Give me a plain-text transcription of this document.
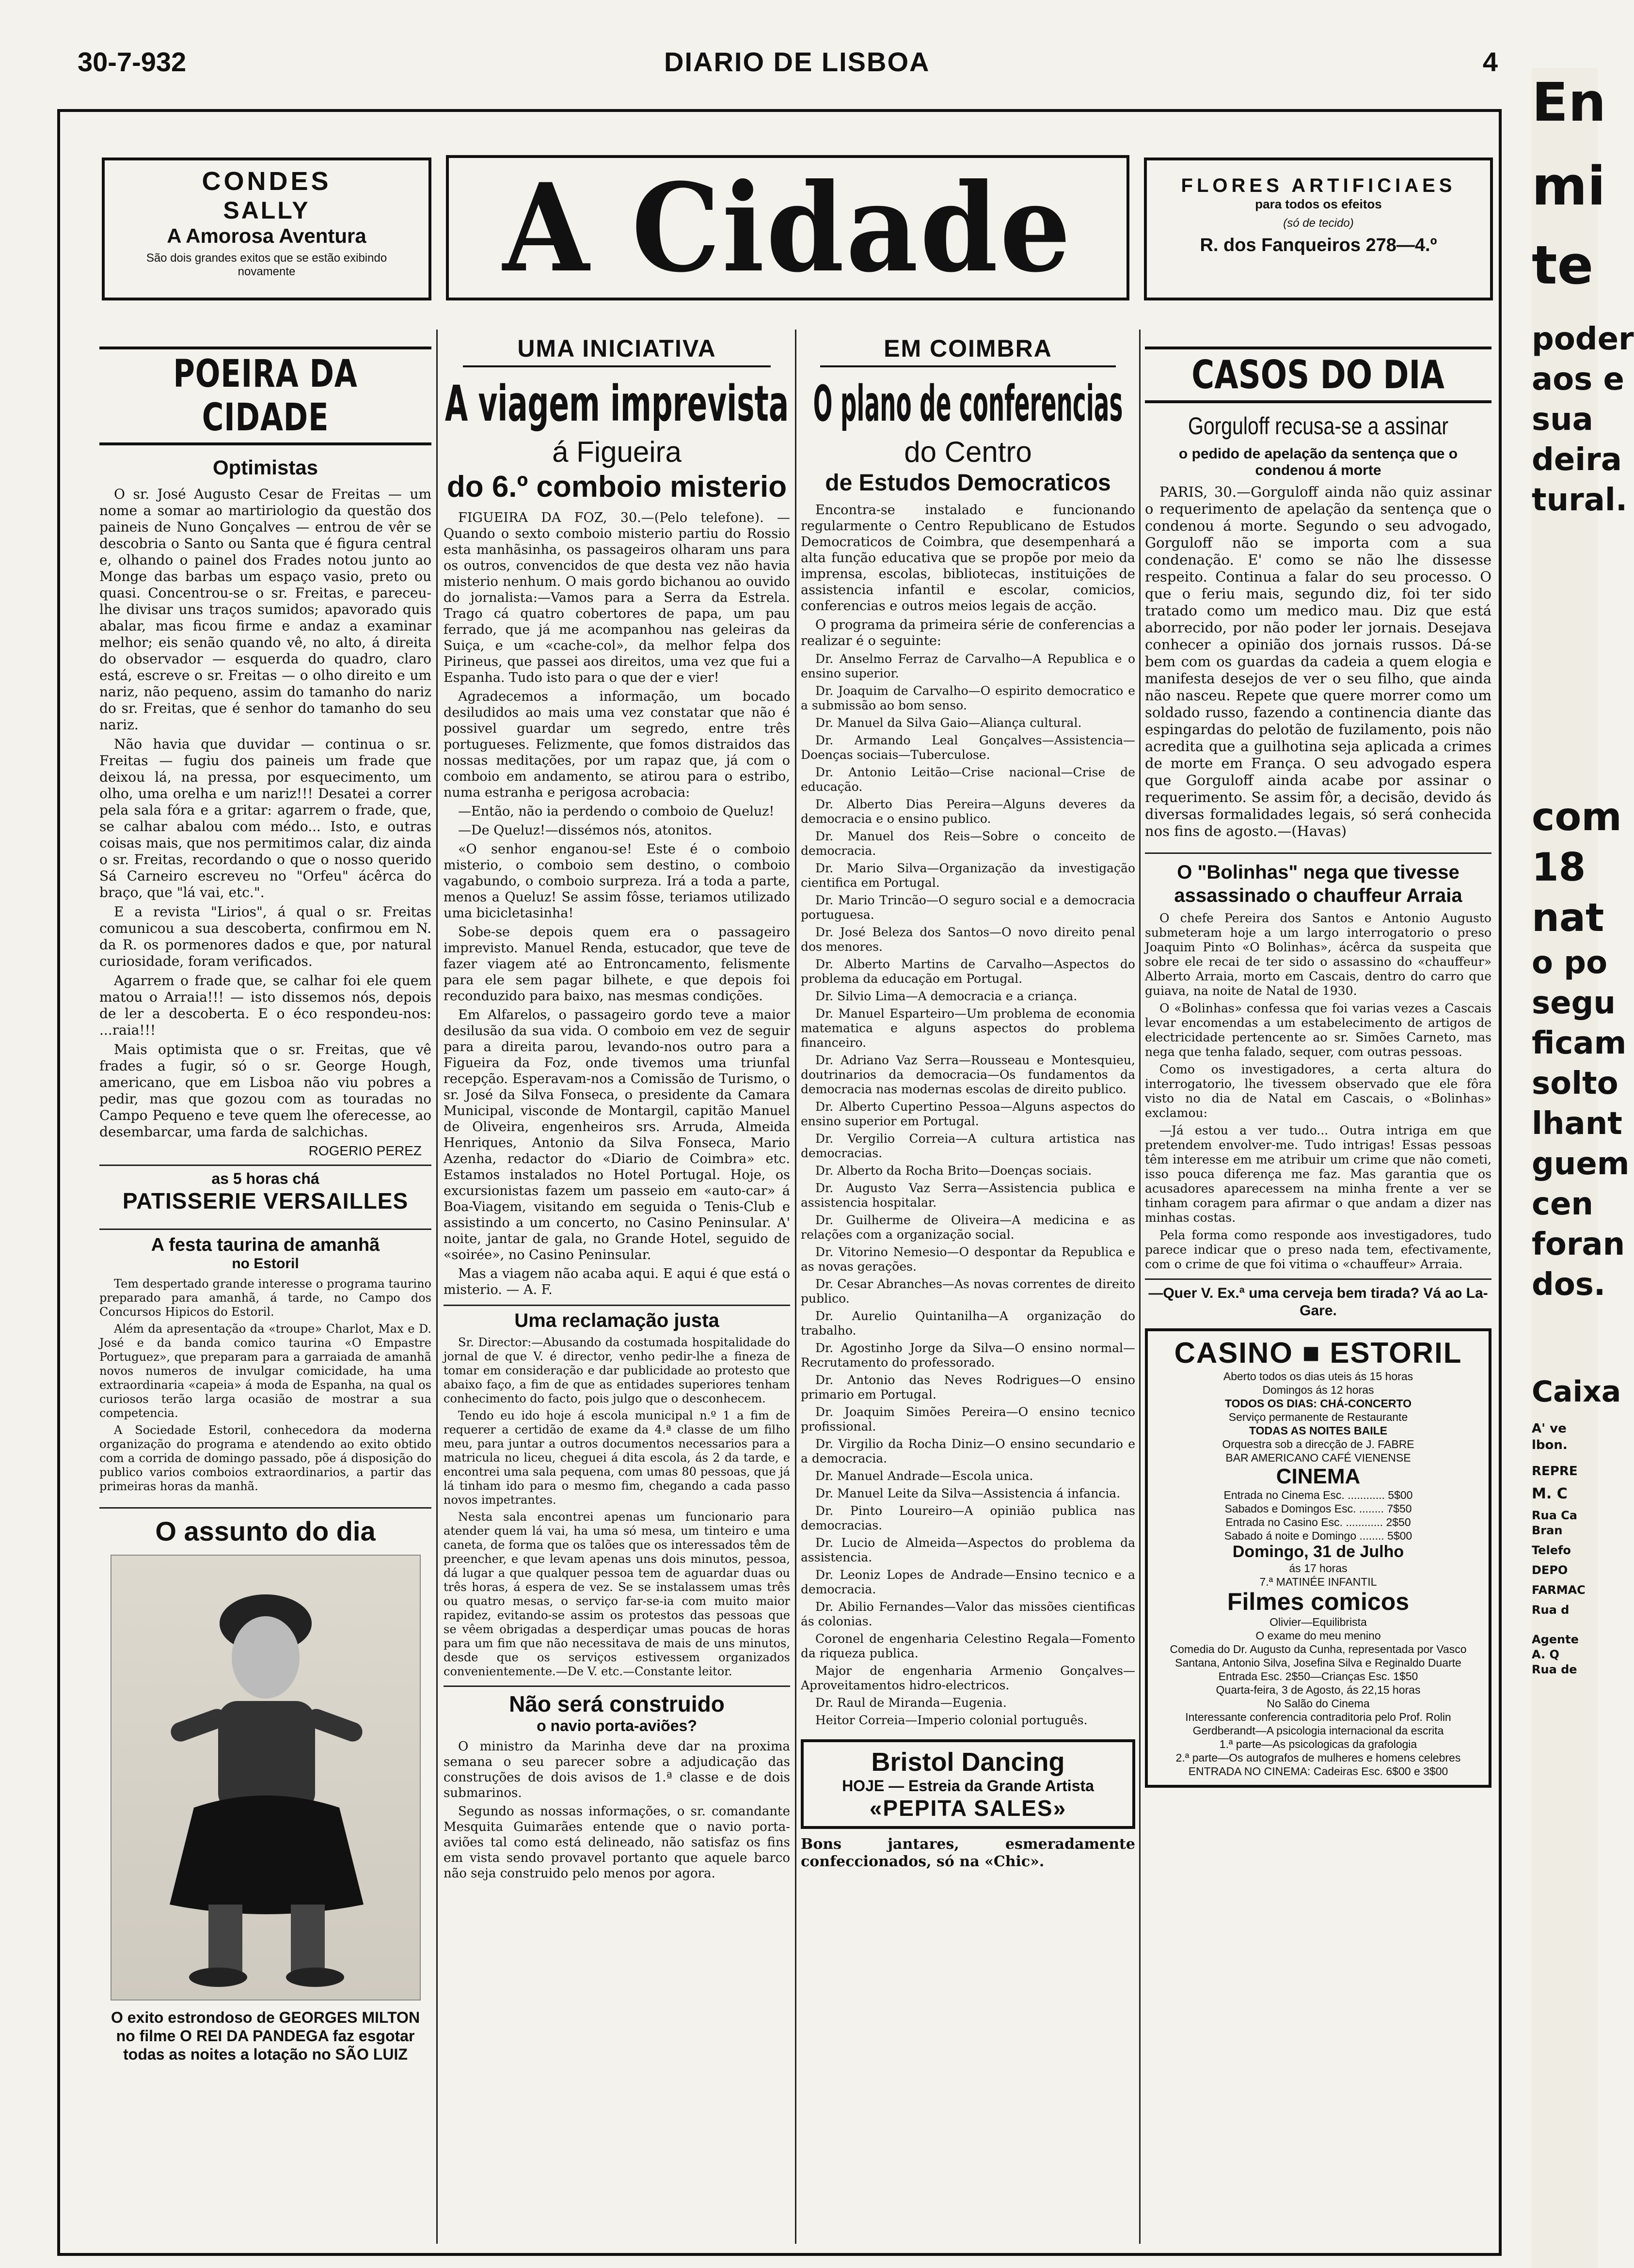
30-7-932	DIARIO DE LISBOA	4
En
mi
te
poder
aos e
sua
deira
tural.
com
18
nat
o po
segu
ficam
solto
lhant
guem
cen
foran
dos.
Caixa
A' ve
lbon.
REPRE
M. C
Rua Ca
Bran
Telefo
DEPO
FARMAC
Rua d
Agente
A. Q
Rua de
CONDES
SALLY
A Amorosa Aventura
São dois grandes exitos que se estão exibindo novamente	A Cidade	FLORES ARTIFICIAES
para todos os efeitos
(só de tecido)
R. dos Fanqueiros 278—4.º
POEIRA DA CIDADE
Optimistas

O sr. José Augusto Cesar de Freitas — um nome a somar ao martiriologio da questão dos paineis de Nuno Gonçalves — entrou de vêr se descobria o Santo ou Santa que é figura central e, olhando o painel dos Frades notou junto ao Monge das barbas um espaço vasio, preto ou quasi. Concentrou-se o sr. Freitas, e pareceu-lhe divisar uns traços sumidos; apavorado quis abalar, mas ficou firme e andaz a examinar melhor; eis senão quando vê, no alto, á direita do observador — esquerda do quadro, claro está, escreve o sr. Freitas — o olho direito e um nariz, não pequeno, assim do tamanho do nariz do sr. Freitas, que é senhor do tamanho do seu nariz.

Não havia que duvidar — continua o sr. Freitas — fugiu dos paineis um frade que deixou lá, na pressa, por esquecimento, um olho, uma orelha e um nariz!!! Desatei a correr pela sala fóra e a gritar: agarrem o frade, que, se calhar abalou com médo... Isto, e outras coisas mais, que nos permitimos calar, diz ainda o sr. Freitas, recordando o que o nosso querido Sá Carneiro escreveu no "Orfeu" ácêrca do braço, que "lá vai, etc.".

E a revista "Lirios", á qual o sr. Freitas comunicou a sua descoberta, confirmou em N. da R. os pormenores dados e que, por natural curiosidade, foram verificados.

Agarrem o frade que, se calhar foi ele quem matou o Arraia!!! — isto dissemos nós, depois de ler a descoberta. E o éco respondeu-nos: ...raia!!!

Mais optimista que o sr. Freitas, que vê frades a fugir, só o sr. George Hough, americano, que em Lisboa não viu pobres a pedir, mas que gozou com as touradas no Campo Pequeno e teve quem lhe oferecesse, ao desembarcar, uma farda de salchichas.

ROGERIO PEREZ
as 5 horas chá
PATISSERIE VERSAILLES
A festa taurina de amanhã
no Estoril

Tem despertado grande interesse o programa taurino preparado para amanhã, á tarde, no Campo dos Concursos Hipicos do Estoril.

Além da apresentação da «troupe» Charlot, Max e D. José e da banda comico taurina «O Empastre Portuguez», que preparam para a garraiada de amanhã novos numeros de invulgar comicidade, ha uma extraordinaria «capeia» á moda de Espanha, na qual os curiosos terão larga ocasião de mostrar a sua competencia.

A Sociedade Estoril, conhecedora da moderna organização do programa e atendendo ao exito obtido com a corrida de domingo passado, põe á disposição do publico varios comboios extraordinarios, a partir das primeiras horas da manhã.

O assunto do dia
O exito estrondoso de GEORGES MILTON no filme O REI DA PANDEGA faz esgotar todas as noites a lotação no SÃO LUIZ
UMA INICIATIVA
A viagem imprevista
á Figueira
do 6.º comboio misterio

FIGUEIRA DA FOZ, 30.—(Pelo telefone). —Quando o sexto comboio misterio partiu do Rossio esta manhãsinha, os passageiros olharam uns para os outros, convencidos de que desta vez não havia misterio nenhum. O mais gordo bichanou ao ouvido do jornalista:—Vamos para a Serra da Estrela. Trago cá quatro cobertores de papa, um pau ferrado, que já me acompanhou nas geleiras da Suiça, e um «cache-col», da melhor felpa dos Pirineus, que passei aos direitos, uma vez que fui a Espanha. Tudo isto para o que der e vier!

Agradecemos a informação, um bocado desiludidos ao mais uma vez constatar que não é possivel guardar um segredo, entre três portugueses. Felizmente, que fomos distraidos das nossas meditações, por um rapaz que, já com o comboio em andamento, se atirou para o estribo, numa estranha e perigosa acrobacia:

—Então, não ia perdendo o comboio de Queluz!

—De Queluz!—dissémos nós, atonitos.

«O senhor enganou-se! Este é o comboio misterio, o comboio sem destino, o comboio vagabundo, o comboio surpreza. Irá a toda a parte, menos a Queluz! Se assim fôsse, teriamos utilizado uma bicicletasinha!

Sobe-se depois quem era o passageiro imprevisto. Manuel Renda, estucador, que teve de fazer viagem até ao Entroncamento, felismente para ele sem pagar bilhete, e que depois foi reconduzido para baixo, nas mesmas condições.

Em Alfarelos, o passageiro gordo teve a maior desilusão da sua vida. O comboio em vez de seguir para a direita parou, levando-nos outro para a Figueira da Foz, onde tivemos uma triunfal recepção. Esperavam-nos a Comissão de Turismo, o sr. José da Silva Fonseca, o presidente da Camara Municipal, visconde de Montargil, capitão Manuel de Oliveira, engenheiros srs. Arruda, Almeida Henriques, Antonio da Silva Fonseca, Mario Azenha, redactor do «Diario de Coimbra» etc. Estamos instalados no Hotel Portugal. Hoje, os excursionistas fazem um passeio em «auto-car» á Boa-Viagem, visitando em seguida o Tenis-Club e assistindo a um concerto, no Casino Peninsular. A' noite, jantar de gala, no Grande Hotel, seguido de «soirée», no Casino Peninsular.

Mas a viagem não acaba aqui. E aqui é que está o misterio. — A. F.

Uma reclamação justa

Sr. Director:—Abusando da costumada hospitalidade do jornal de que V. é director, venho pedir-lhe a fineza de tomar em consideração e dar publicidade ao protesto que abaixo faço, a fim de que as entidades superiores tenham conhecimento do facto, pois julgo que o desconhecem.

Tendo eu ido hoje á escola municipal n.º 1 a fim de requerer a certidão de exame da 4.ª classe de um filho meu, para juntar a outros documentos necessarios para a matricula no liceu, cheguei á dita escola, ás 2 da tarde, e encontrei uma sala pequena, com umas 80 pessoas, que já lá tinham ido para o mesmo fim, chegando a cada passo novos impetrantes.

Nesta sala encontrei apenas um funcionario para atender quem lá vai, ha uma só mesa, um tinteiro e uma caneta, de forma que os talões que os interessados têm de preencher, e que levam apenas uns dois minutos, pessoa, dá lugar a que qualquer pessoa tem de aguardar duas ou três horas, á espera de vez. Se se instalassem umas três ou quatro mesas, o serviço far-se-ia com muito maior rapidez, evitando-se assim os protestos das pessoas que se vêem obrigadas a desperdiçar umas poucas de horas para um fim que não necessitava de mais de uns minutos, desde que os serviços estivessem organizados convenientemente.—De V. etc.—Constante leitor.

Não será construido
o navio porta-aviões?

O ministro da Marinha deve dar na proxima semana o seu parecer sobre a adjudicação das construções de dois avisos de 1.ª classe e de dois submarinos.

Segundo as nossas informações, o sr. comandante Mesquita Guimarães entende que o navio porta-aviões tal como está delineado, não satisfaz os fins em vista sendo provavel portanto que aquele barco não seja construido pelo menos por agora.

EM COIMBRA
O plano de conferencias
do Centro
de Estudos Democraticos

Encontra-se instalado e funcionando regularmente o Centro Republicano de Estudos Democraticos de Coimbra, que desempenhará a alta função educativa que se propõe por meio da imprensa, escolas, bibliotecas, instituições de assistencia infantil e escolar, comicios, conferencias e outros meios legais de acção.

O programa da primeira série de conferencias a realizar é o seguinte:

Dr. Anselmo Ferraz de Carvalho—A Republica e o ensino superior.

Dr. Joaquim de Carvalho—O espirito democratico e a submissão ao bom senso.

Dr. Manuel da Silva Gaio—Aliança cultural.

Dr. Armando Leal Gonçalves—Assistencia—Doenças sociais—Tuberculose.

Dr. Antonio Leitão—Crise nacional—Crise de educação.

Dr. Alberto Dias Pereira—Alguns deveres da democracia e o ensino publico.

Dr. Manuel dos Reis—Sobre o conceito de democracia.

Dr. Mario Silva—Organização da investigação cientifica em Portugal.

Dr. Mario Trincão—O seguro social e a democracia portuguesa.

Dr. José Beleza dos Santos—O novo direito penal dos menores.

Dr. Alberto Martins de Carvalho—Aspectos do problema da educação em Portugal.

Dr. Silvio Lima—A democracia e a criança.

Dr. Manuel Esparteiro—Um problema de economia matematica e alguns aspectos do problema financeiro.

Dr. Adriano Vaz Serra—Rousseau e Montesquieu, doutrinarios da democracia—Os fundamentos da democracia nas modernas escolas de direito publico.

Dr. Alberto Cupertino Pessoa—Alguns aspectos do ensino superior em Portugal.

Dr. Vergilio Correia—A cultura artistica nas democracias.

Dr. Alberto da Rocha Brito—Doenças sociais.

Dr. Augusto Vaz Serra—Assistencia publica e assistencia hospitalar.

Dr. Guilherme de Oliveira—A medicina e as relações com a organização social.

Dr. Vitorino Nemesio—O despontar da Republica e as novas gerações.

Dr. Cesar Abranches—As novas correntes de direito publico.

Dr. Aurelio Quintanilha—A organização do trabalho.

Dr. Agostinho Jorge da Silva—O ensino normal—Recrutamento do professorado.

Dr. Antonio das Neves Rodrigues—O ensino primario em Portugal.

Dr. Joaquim Simões Pereira—O ensino tecnico profissional.

Dr. Virgilio da Rocha Diniz—O ensino secundario e a democracia.

Dr. Manuel Andrade—Escola unica.

Dr. Manuel Leite da Silva—Assistencia á infancia.

Dr. Pinto Loureiro—A opinião publica nas democracias.

Dr. Lucio de Almeida—Aspectos do problema da assistencia.

Dr. Leoniz Lopes de Andrade—Ensino tecnico e a democracia.

Dr. Abilio Fernandes—Valor das missões cientificas ás colonias.

Coronel de engenharia Celestino Regala—Fomento da riqueza publica.

Major de engenharia Armenio Gonçalves—Aproveitamentos hidro-electricos.

Dr. Raul de Miranda—Eugenia.

Heitor Correia—Imperio colonial português.

Bristol Dancing
HOJE — Estreia da Grande Artista
«PEPITA SALES»
Bons jantares, esmeradamente confeccionados, só na «Chic».
CASOS DO DIA
Gorguloff recusa-se a assinar
o pedido de apelação da sentença que o condenou á morte

PARIS, 30.—Gorguloff ainda não quiz assinar o requerimento de apelação da sentença que o condenou á morte. Segundo o seu advogado, Gorguloff não se importa com a sua condenação. E' como se não lhe dissesse respeito. Continua a falar do seu processo. O que o feriu mais, segundo diz, foi ter sido tratado como um medico mau. Diz que está aborrecido, por não poder ler jornais. Desejava conhecer a opinião dos jornais russos. Dá-se bem com os guardas da cadeia a quem elogia e manifesta desejos de ver o seu filho, que ainda não nasceu. Repete que quere morrer como um soldado russo, fazendo a continencia diante das espingardas do pelotão de fuzilamento, pois não acredita que a guilhotina seja aplicada a crimes de morte em França. O seu advogado espera que Gorguloff ainda acabe por assinar o requerimento. Se assim fôr, a decisão, devido ás diversas formalidades legais, só será conhecida nos fins de agosto.—(Havas)

O "Bolinhas" nega que tivesse assassinado o chauffeur Arraia

O chefe Pereira dos Santos e Antonio Augusto submeteram hoje a um largo interrogatorio o preso Joaquim Pinto «O Bolinhas», ácêrca da suspeita que sobre ele recai de ter sido o assassino do «chauffeur» Alberto Arraia, morto em Cascais, dentro do carro que guiava, na noite de Natal de 1930.

O «Bolinhas» confessa que foi varias vezes a Cascais levar encomendas a um estabelecimento de artigos de electricidade pertencente ao sr. Simões Carneto, mas nega que tenha falado, sequer, com outras pessoas.

Como os investigadores, a certa altura do interrogatorio, lhe tivessem observado que ele fôra visto no dia de Natal em Cascais, o «Bolinhas» exclamou:

—Já estou a ver tudo... Outra intriga em que pretendem envolver-me. Tudo intrigas! Essas pessoas têm interesse em me atribuir um crime que não cometi, isso pouca diferença me faz. Mas garantia que os acusadores aparecessem na minha frente a ver se tinham coragem para afirmar o que andam a dizer nas minhas costas.

Pela forma como responde aos investigadores, tudo parece indicar que o preso nada tem, efectivamente, com o crime de que foi vitima o «chauffeur» Arraia.

—Quer V. Ex.ª uma cerveja bem tirada? Vá ao La-Gare.
CASINO ■ ESTORIL
Aberto todos os dias uteis ás 15 horas
Domingos ás 12 horas
TODOS OS DIAS: CHÁ-CONCERTO
Serviço permanente de Restaurante
TODAS AS NOITES BAILE
Orquestra sob a direcção de J. FABRE
BAR AMERICANO CAFÉ VIENENSE
CINEMA
Entrada no Cinema Esc. ............ 5$00
Sabados e Domingos Esc. ........ 7$50
Entrada no Casino Esc. ............ 2$50
Sabado á noite e Domingo ........ 5$00
Domingo, 31 de Julho
ás 17 horas
7.ª MATINÉE INFANTIL
Filmes comicos
Olivier—Equilibrista
O exame do meu menino
Comedia do Dr. Augusto da Cunha, representada por Vasco Santana, Antonio Silva, Josefina Silva e Reginaldo Duarte
Entrada Esc. 2$50—Crianças Esc. 1$50
Quarta-feira, 3 de Agosto, ás 22,15 horas
No Salão do Cinema
Interessante conferencia contraditoria pelo Prof. Rolin Gerdberandt—A psicologia internacional da escrita
1.ª parte—As psicologicas da grafologia
2.ª parte—Os autografos de mulheres e homens celebres
ENTRADA NO CINEMA: Cadeiras Esc. 6$00 e 3$00
